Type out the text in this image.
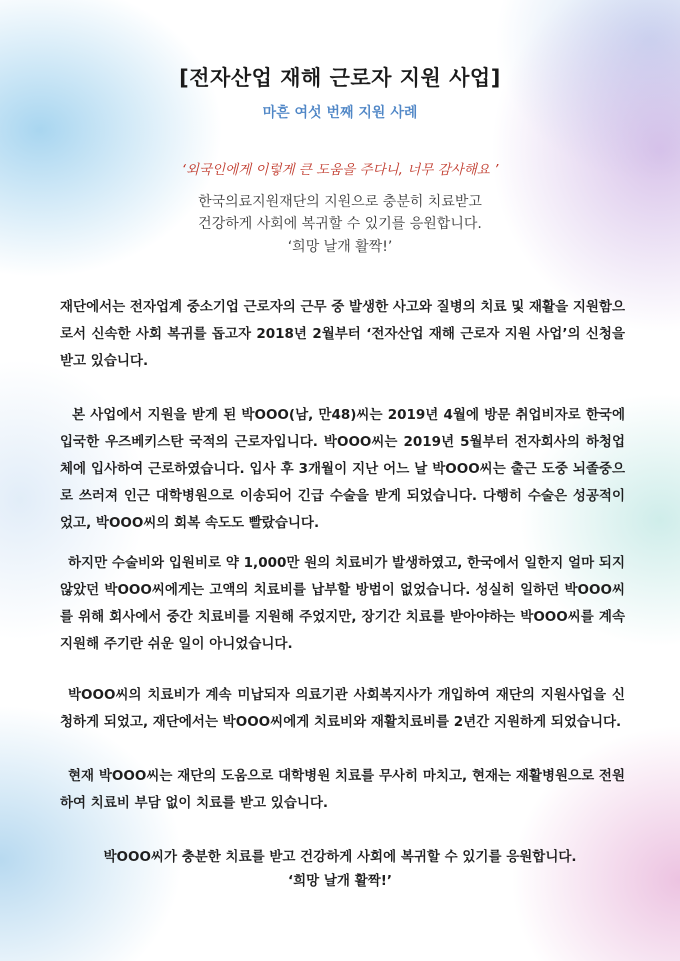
[전자산업 재해 근로자 지원 사업]
마흔 여섯 번째 지원 사례
‘외국인에게 이렇게 큰 도움을 주다니, 너무 감사해요 ’
한국의료지원재단의 지원으로 충분히 치료받고
건강하게 사회에 복귀할 수 있기를 응원합니다.
‘희망 날개 활짝!’

재단에서는 전자업계 중소기업 근로자의 근무 중 발생한 사고와 질병의 치료 및 재활을 지원함으로서 신속한 사회 복귀를 돕고자 2018년 2월부터 ‘전자산업 재해 근로자 지원 사업’의 신청을 받고 있습니다.

본 사업에서 지원을 받게 된 박OOO(남, 만48)씨는 2019년 4월에 방문 취업비자로 한국에 입국한 우즈베키스탄 국적의 근로자입니다. 박OOO씨는 2019년 5월부터 전자회사의 하청업체에 입사하여 근로하였습니다. 입사 후 3개월이 지난 어느 날 박OOO씨는 출근 도중 뇌졸중으로 쓰러져 인근 대학병원으로 이송되어 긴급 수술을 받게 되었습니다. 다행히 수술은 성공적이었고, 박OOO씨의 회복 속도도 빨랐습니다.

하지만 수술비와 입원비로 약 1,000만 원의 치료비가 발생하였고, 한국에서 일한지 얼마 되지 않았던 박OOO씨에게는 고액의 치료비를 납부할 방법이 없었습니다. 성실히 일하던 박OOO씨를 위해 회사에서 중간 치료비를 지원해 주었지만, 장기간 치료를 받아야하는 박OOO씨를 계속 지원해 주기란 쉬운 일이 아니었습니다.

박OOO씨의 치료비가 계속 미납되자 의료기관 사회복지사가 개입하여 재단의 지원사업을 신청하게 되었고, 재단에서는 박OOO씨에게 치료비와 재활치료비를 2년간 지원하게 되었습니다.

현재 박OOO씨는 재단의 도움으로 대학병원 치료를 무사히 마치고, 현재는 재활병원으로 전원 하여 치료비 부담 없이 치료를 받고 있습니다.

박OOO씨가 충분한 치료를 받고 건강하게 사회에 복귀할 수 있기를 응원합니다.
‘희망 날개 활짝!’
